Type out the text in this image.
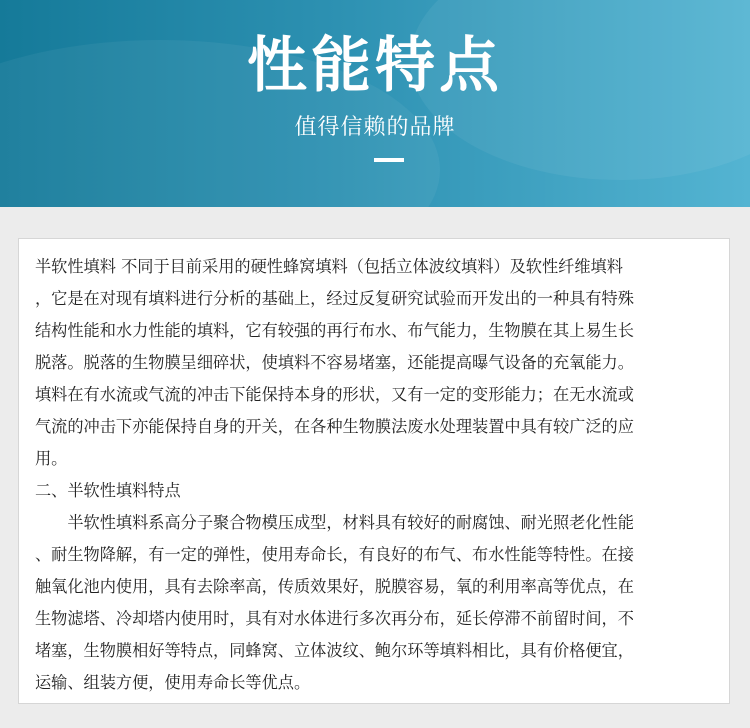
性能特点
值得信赖的品牌
半软性填料 不同于目前采用的硬性蜂窝填料（包括立体波纹填料）及软性纤维填料
，它是在对现有填料进行分析的基础上，经过反复研究试验而开发出的一种具有特殊
结构性能和水力性能的填料，它有较强的再行布水、布气能力，生物膜在其上易生长
脱落。脱落的生物膜呈细碎状，使填料不容易堵塞，还能提高曝气设备的充氧能力。
填料在有水流或气流的冲击下能保持本身的形状，又有一定的变形能力；在无水流或
气流的冲击下亦能保持自身的开关，在各种生物膜法废水处理装置中具有较广泛的应
用。
二、半软性填料特点
　　半软性填料系高分子聚合物模压成型，材料具有较好的耐腐蚀、耐光照老化性能
、耐生物降解，有一定的弹性，使用寿命长，有良好的布气、布水性能等特性。在接
触氧化池内使用，具有去除率高，传质效果好，脱膜容易，氧的利用率高等优点，在
生物滤塔、冷却塔内使用时，具有对水体进行多次再分布，延长停滞不前留时间，不
堵塞，生物膜相好等特点，同蜂窝、立体波纹、鲍尔环等填料相比，具有价格便宜，
运输、组装方便，使用寿命长等优点。
